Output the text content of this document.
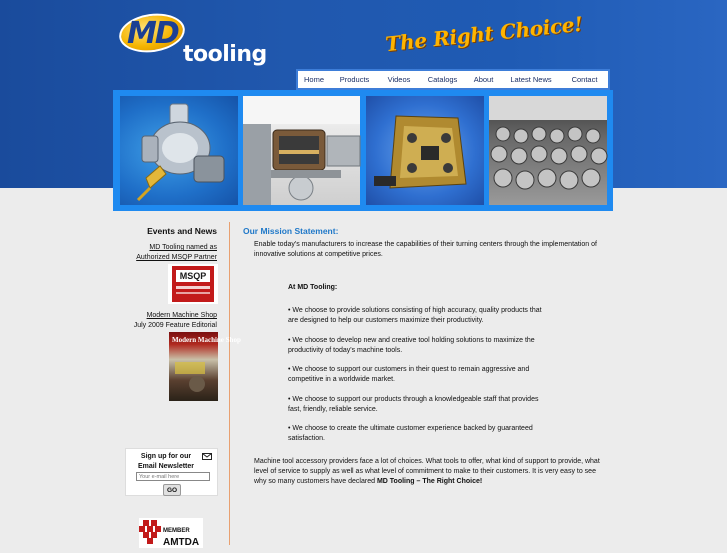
MD
tooling	The Right Choice!
Home	Products	Videos	Catalogs	About	Latest News	Contact
Events and News
MD Tooling named as
Authorized MSQP Partner
MSQP
Modern Machine Shop
July 2009 Feature Editorial
Modern Machine Shop
Sign up for our
Email Newsletter
Your e-mail here
GO
MEMBER
AMTDA
Our Mission Statement:
Enable today's manufacturers to increase the capabilities of their turning centers through the implementation of innovative solutions at competitive prices.
At MD Tooling:
• We choose to provide solutions consisting of high accuracy, quality products that are designed to help our customers maximize their productivity.
• We choose to develop new and creative tool holding solutions to maximize the productivity of today's machine tools.
• We choose to support our customers in their quest to remain aggressive and competitive in a worldwide market.
• We choose to support our products through a knowledgeable staff that provides fast, friendly, reliable service.
• We choose to create the ultimate customer experience backed by guaranteed satisfaction.
Machine tool accessory providers face a lot of choices. What tools to offer, what kind of support to provide, what level of service to supply as well as what level of commitment to make to their customers. It is very easy to see why so many customers have declared MD Tooling – The Right Choice!
